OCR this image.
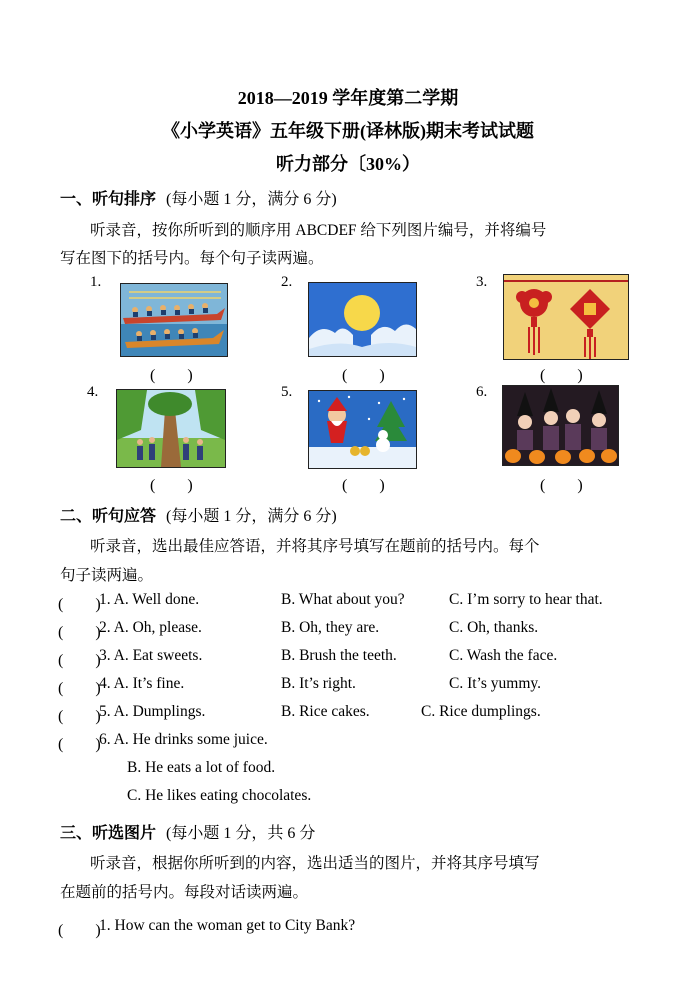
2018—2019 学年度第二学期
《小学英语》五年级下册(译林版)期末考试试题
听力部分〔30%）
一、听句排序 (每小题 1 分，满分 6 分)
听录音，按你所听到的顺序用 ABCDEF 给下列图片编号，并将编号
写在图下的括号内。每个句子读两遍。
1.	2.	3.
(　　)	(　　)	(　　)
4.	5.	6.
(　　)	(　　)	(　　)
二、听句应答 (每小题 1 分，满分 6 分)
听录音，选出最佳应答语，并将其序号填写在题前的括号内。每个
句子读两遍。
(　　)
1. A. Well done.	B. What about you?	C. I’m sorry to hear that.
(　　)
2. A. Oh, please.	B. Oh, they are.	C. Oh, thanks.
(　　)
3. A. Eat sweets.	B. Brush the teeth.	C. Wash the face.
(　　)
4. A. It’s fine.	B. It’s right.	C. It’s yummy.
(　　)
5. A. Dumplings.	B. Rice cakes.	C. Rice dumplings.
(　　)
6. A. He drinks some juice.
B. He eats a lot of food.
C. He likes eating chocolates.
三、听选图片 (每小题 1 分，共 6 分
听录音，根据你所听到的内容，选出适当的图片，并将其序号填写
在题前的括号内。每段对话读两遍。
(　　)
1. How can the woman get to City Bank?
